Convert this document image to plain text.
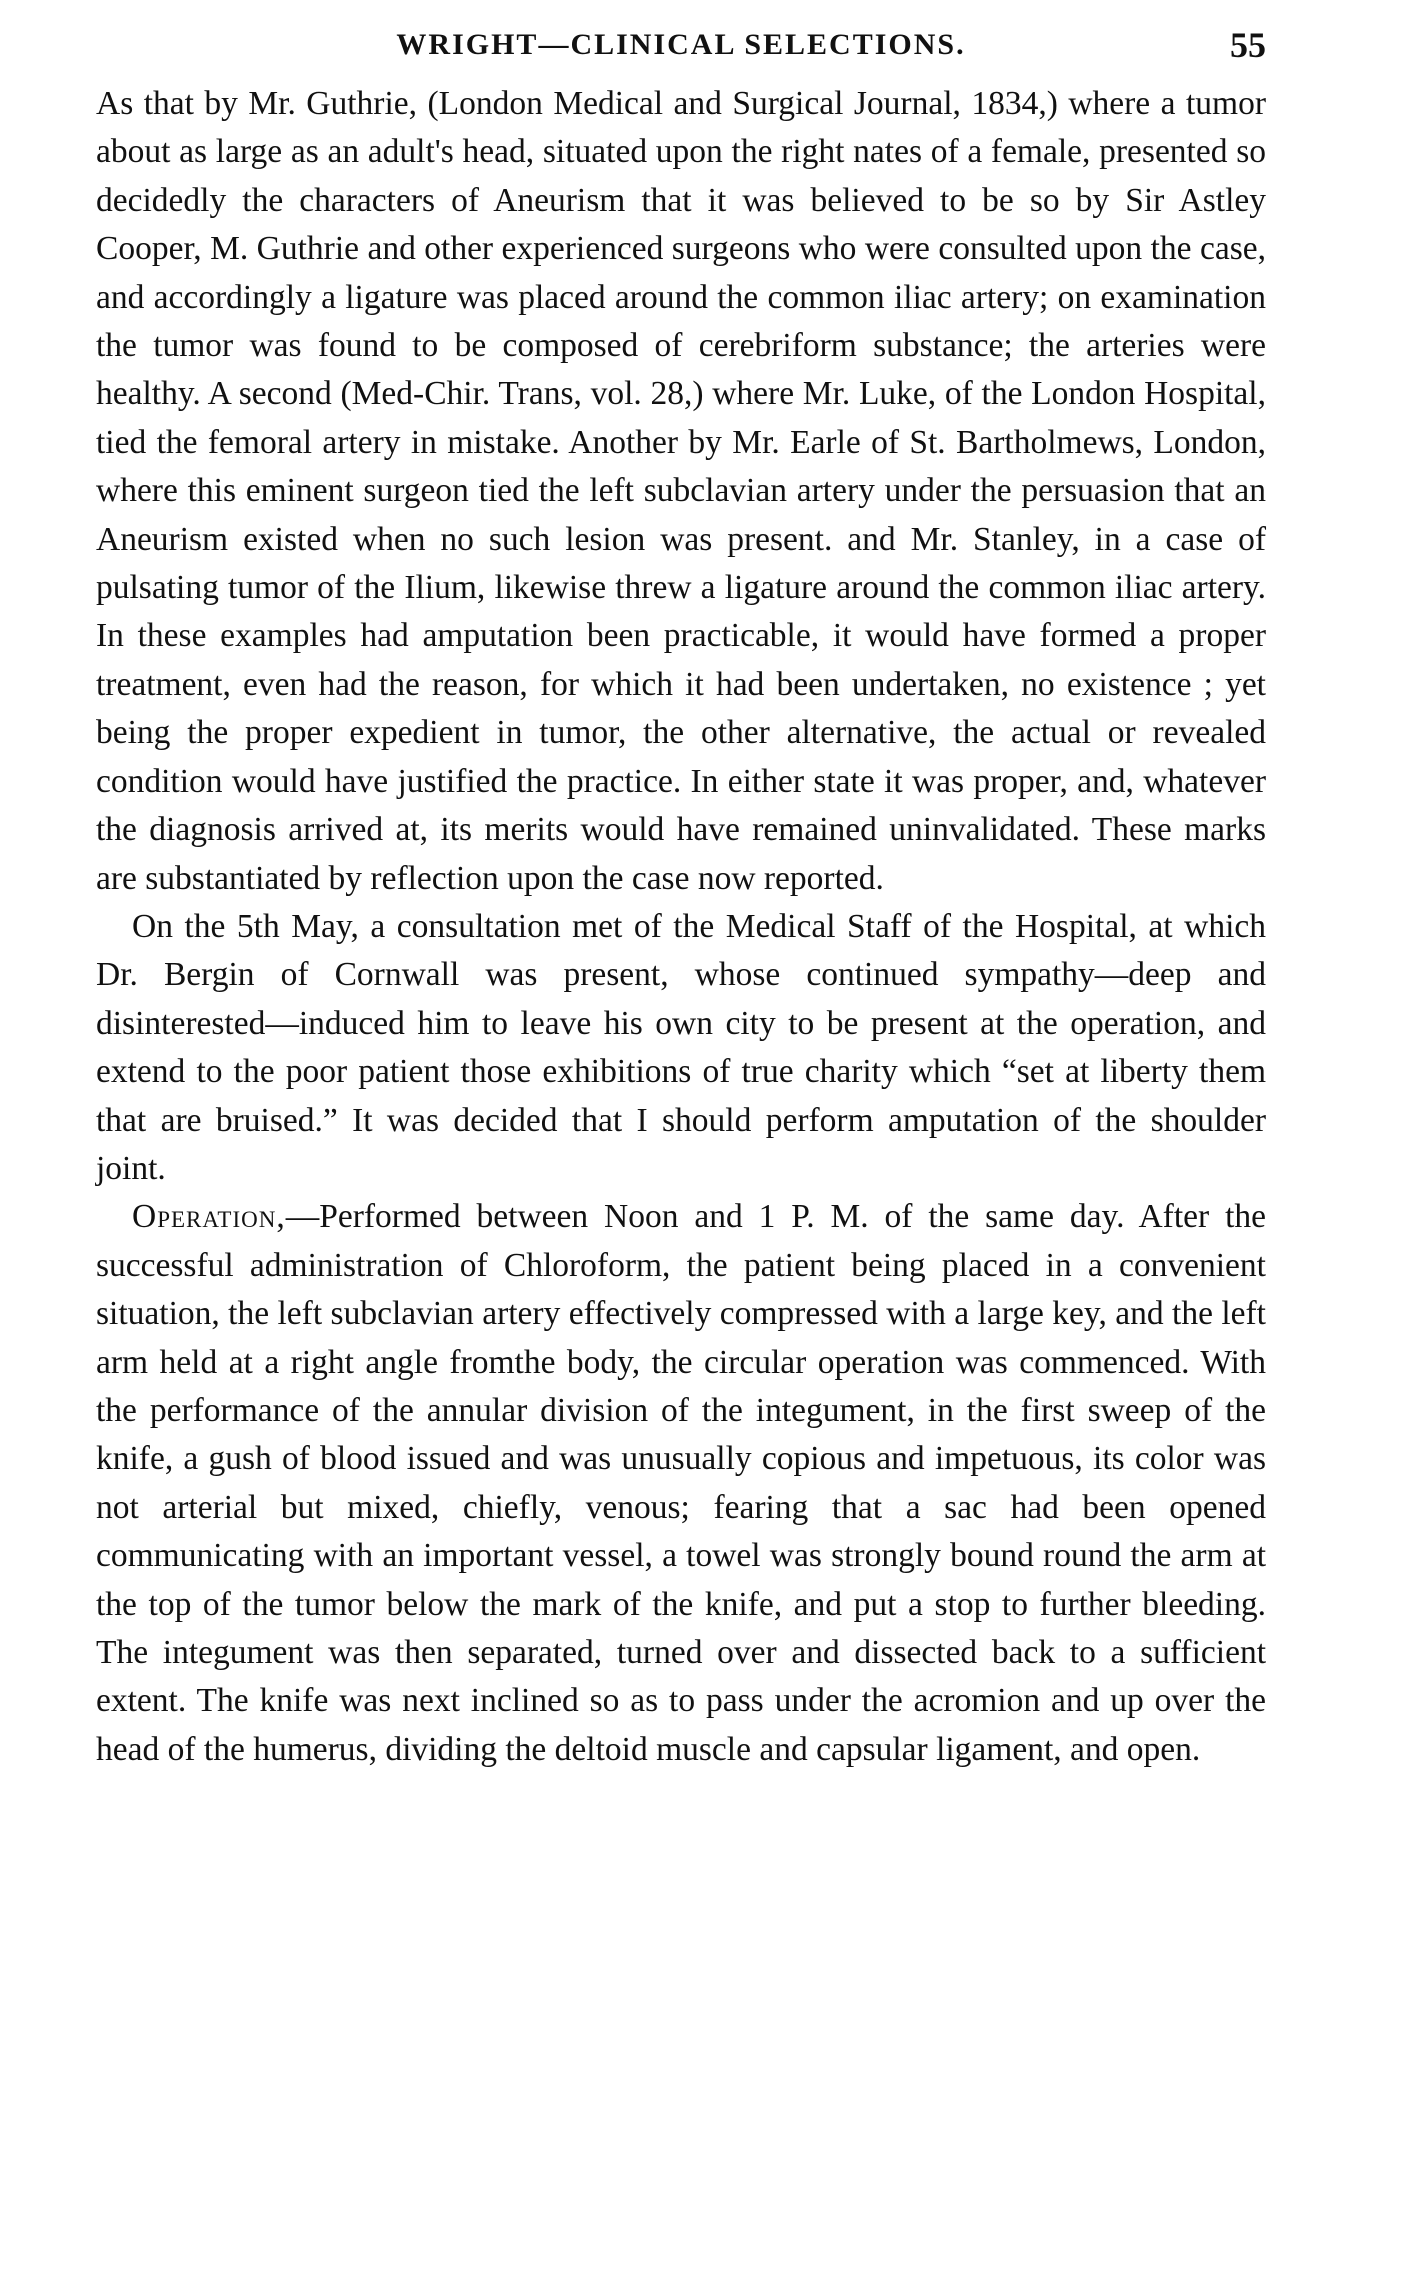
WRIGHT—CLINICAL SELECTIONS.	55

As that by Mr. Guthrie, (London Medical and Surgical Journal, 1834,) where a tumor about as large as an adult's head, situated upon the right nates of a female, presented so decidedly the characters of Aneurism that it was believed to be so by Sir Astley Cooper, M. Guthrie and other experienced surgeons who were consulted upon the case, and accordingly a ligature was placed around the common iliac artery; on examination the tumor was found to be composed of cerebriform substance; the arteries were healthy. A second (Med-Chir. Trans, vol. 28,) where Mr. Luke, of the London Hospital, tied the femoral artery in mistake. Another by Mr. Earle of St. Bartholmews, London, where this eminent surgeon tied the left subclavian artery under the persuasion that an Aneurism existed when no such lesion was present. and Mr. Stanley, in a case of pulsating tumor of the Ilium, likewise threw a ligature around the common iliac artery. In these examples had amputation been practicable, it would have formed a proper treatment, even had the reason, for which it had been undertaken, no existence ; yet being the proper expedient in tumor, the other alternative, the actual or revealed condition would have justified the practice. In either state it was proper, and, whatever the diagnosis arrived at, its merits would have remained uninvalidated. These marks are substantiated by reflection upon the case now reported.

On the 5th May, a consultation met of the Medical Staff of the Hospital, at which Dr. Bergin of Cornwall was present, whose continued sympathy—deep and disinterested—induced him to leave his own city to be present at the operation, and extend to the poor patient those exhibitions of true charity which “set at liberty them that are bruised.” It was decided that I should perform amputation of the shoulder joint.

Operation,—Performed between Noon and 1 P. M. of the same day. After the successful administration of Chloroform, the patient being placed in a convenient situation, the left subclavian artery effectively compressed with a large key, and the left arm held at a right angle fromthe body, the circular operation was commenced. With the performance of the annular division of the integument, in the first sweep of the knife, a gush of blood issued and was unusually copious and impetuous, its color was not arterial but mixed, chiefly, venous; fearing that a sac had been opened communicating with an important vessel, a towel was strongly bound round the arm at the top of the tumor below the mark of the knife, and put a stop to further bleeding. The integument was then separated, turned over and dissected back to a sufficient extent. The knife was next inclined so as to pass under the acromion and up over the head of the humerus, dividing the deltoid muscle and capsular ligament, and open.
